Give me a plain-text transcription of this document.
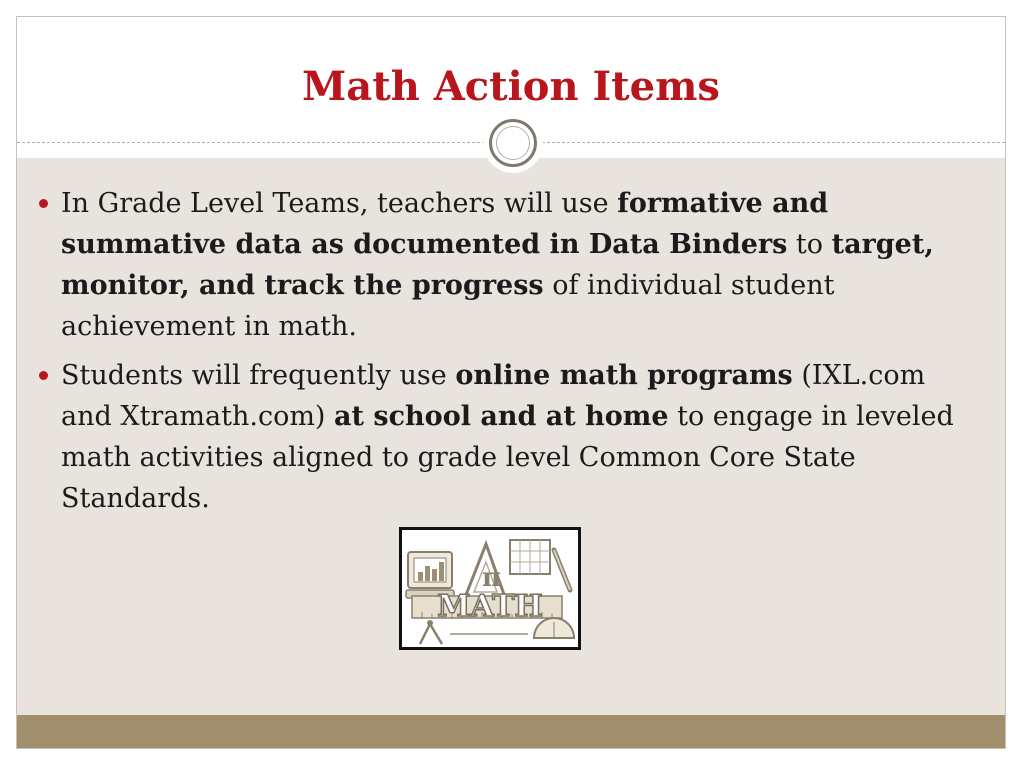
Math Action Items
In Grade Level Teams, teachers will use formative and summative data as documented in Data Binders to target, monitor, and track the progress of individual student achievement in math.
Students will frequently use online math programs (IXL.com and Xtramath.com) at school and at home to engage in leveled math activities aligned to grade level Common Core State Standards.
π
MATH
